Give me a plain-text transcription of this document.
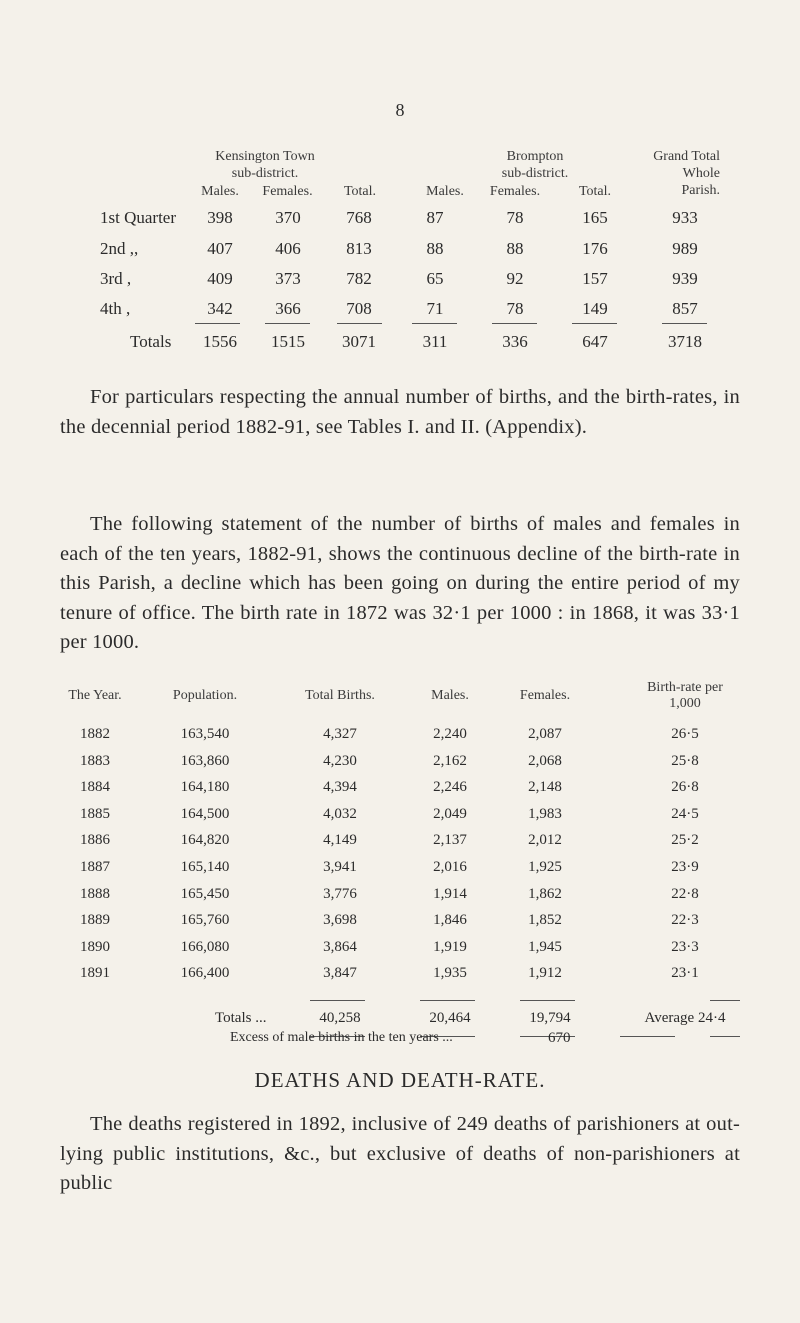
8
Kensington Town
sub-district.
Brompton
sub-district.
Grand Total
Whole
Parish.
Males.	Females.	Total.	Males.	Females.	Total.
1st Quarter	398	370	768	87	78	165	933
2nd ,,	407	406	813	88	88	176	989
3rd ,	409	373	782	65	92	157	939
4th ,	342	366	708	71	78	149	857
Totals	1556	1515	3071	311	336	647	3718
For particulars respecting the annual number of births, and the birth-rates, in the decennial period 1882-91, see Tables I. and II. (Appendix).
The following statement of the number of births of males and females in each of the ten years, 1882-91, shows the continuous decline of the birth-rate in this Parish, a decline which has been going on during the entire period of my tenure of office. The birth rate in 1872 was 32·1 per 1000 : in 1868, it was 33·1 per 1000.
The Year.	Population.	Total Births.	Males.	Females.
Birth-rate per 1,000
1882	163,540	4,327	2,240	2,087	26·5
1883	163,860	4,230	2,162	2,068	25·8
1884	164,180	4,394	2,246	2,148	26·8
1885	164,500	4,032	2,049	1,983	24·5
1886	164,820	4,149	2,137	2,012	25·2
1887	165,140	3,941	2,016	1,925	23·9
1888	165,450	3,776	1,914	1,862	22·8
1889	165,760	3,698	1,846	1,852	22·3
1890	166,080	3,864	1,919	1,945	23·3
1891	166,400	3,847	1,935	1,912	23·1
Totals ...	40,258	20,464	19,794	Average 24·4
Excess of male births in the ten years ...	670
DEATHS AND DEATH-RATE.
The deaths registered in 1892, inclusive of 249 deaths of parishioners at out-lying public institutions, &c., but exclusive of deaths of non-parishioners at public
